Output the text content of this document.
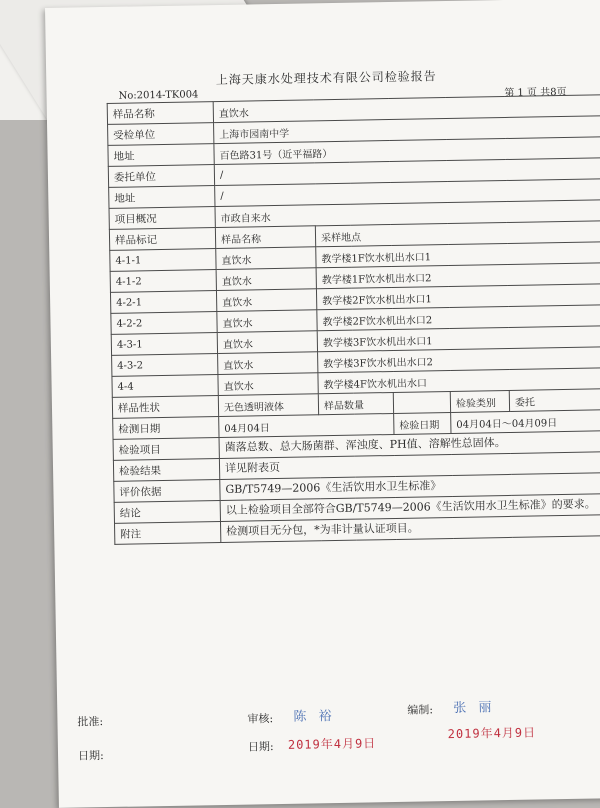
上海天康水处理技术有限公司检验报告
No:2014-TK004	第 1 页 共8页
样品名称	直饮水				
受检单位	上海市园南中学				
地址	百色路31号（近平福路）				
委托单位	/				
地址	/				
项目概况	市政自来水				
样品标记	样品名称	采样地点			
4-1-1	直饮水	教学楼1F饮水机出水口1			
4-1-2	直饮水	教学楼1F饮水机出水口2			
4-2-1	直饮水	教学楼2F饮水机出水口1			
4-2-2	直饮水	教学楼2F饮水机出水口2			
4-3-1	直饮水	教学楼3F饮水机出水口1			
4-3-2	直饮水	教学楼3F饮水机出水口2			
4-4	直饮水	教学楼4F饮水机出水口			
样品性状	无色透明液体	样品数量		检验类别	委托
检测日期	04月04日		检验日期	04月04日～04月09日	
检验项目	菌落总数、总大肠菌群、浑浊度、PH值、溶解性总固体。				
检验结果	详见附表页				
评价依据	GB/T5749—2006《生活饮用水卫生标准》				
结论	以上检验项目全部符合GB/T5749—2006《生活饮用水卫生标准》的要求。				
附注	检测项目无分包，*为非计量认证项目。				
批准:	审核: 陈 裕	编制: 张 丽
日期:
日期: 2019年4月9日
2019年4月9日
